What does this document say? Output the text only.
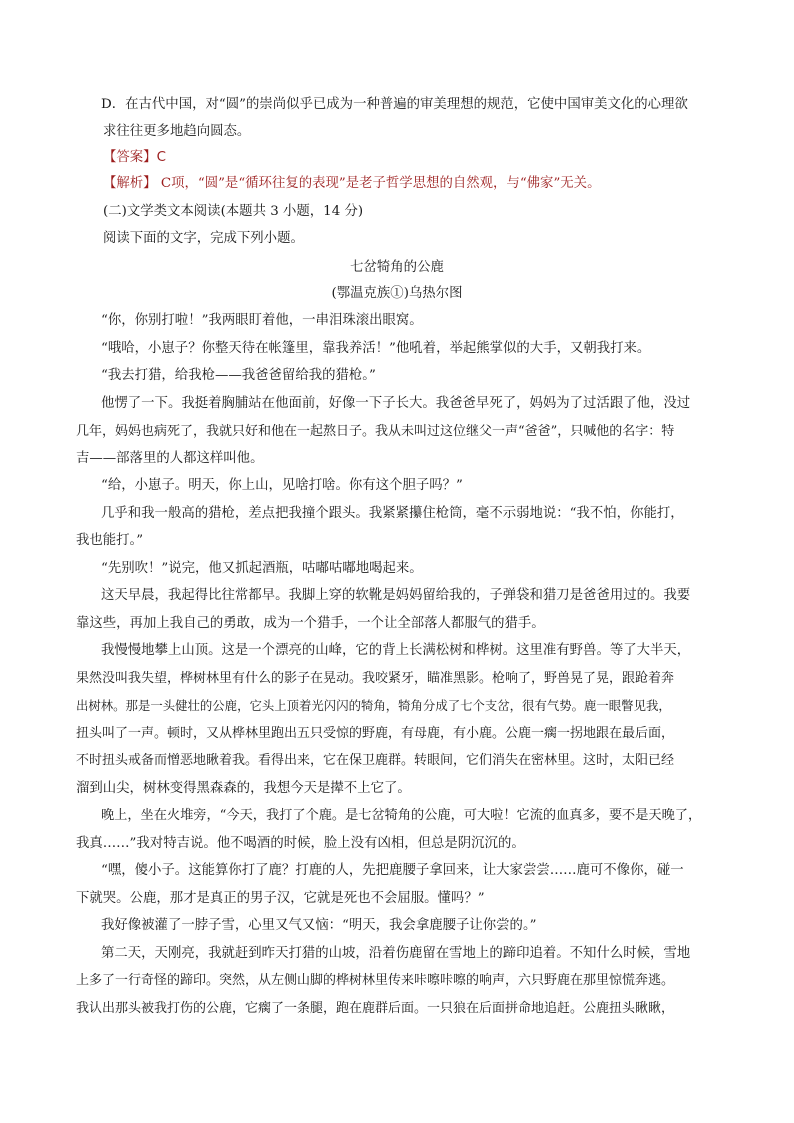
D．在古代中国，对“圆”的崇尚似乎已成为一种普遍的审美理想的规范，它使中国审美文化的心理欲
求往往更多地趋向圆态。
【答案】C
【解析】 C项，“圆”是“循环往复的表现”是老子哲学思想的自然观，与“佛家”无关。
(二)文学类文本阅读(本题共 3 小题，14 分)
阅读下面的文字，完成下列小题。
七岔犄角的公鹿
(鄂温克族①)乌热尔图
“你，你别打啦！”我两眼盯着他，一串泪珠滚出眼窝。
“哦哈，小崽子？你整天待在帐篷里，靠我养活！”他吼着，举起熊掌似的大手，又朝我打来。
“我去打猎，给我枪——我爸爸留给我的猎枪。”
他愣了一下。我挺着胸脯站在他面前，好像一下子长大。我爸爸早死了，妈妈为了过活跟了他，没过
几年，妈妈也病死了，我就只好和他在一起熬日子。我从未叫过这位继父一声“爸爸”，只喊他的名字：特
吉——部落里的人都这样叫他。
“给，小崽子。明天，你上山，见啥打啥。你有这个胆子吗？”
几乎和我一般高的猎枪，差点把我撞个跟头。我紧紧攥住枪筒，毫不示弱地说：“我不怕，你能打，
我也能打。”
“先别吹！”说完，他又抓起酒瓶，咕嘟咕嘟地喝起来。
这天早晨，我起得比往常都早。我脚上穿的软靴是妈妈留给我的，子弹袋和猎刀是爸爸用过的。我要
靠这些，再加上我自己的勇敢，成为一个猎手，一个让全部落人都服气的猎手。
我慢慢地攀上山顶。这是一个漂亮的山峰，它的背上长满松树和桦树。这里准有野兽。等了大半天，
果然没叫我失望，桦树林里有什么的影子在晃动。我咬紧牙，瞄准黑影。枪响了，野兽晃了晃，跟跄着奔
出树林。那是一头健壮的公鹿，它头上顶着光闪闪的犄角，犄角分成了七个支岔，很有气势。鹿一眼瞥见我，
扭头叫了一声。顿时，又从桦林里跑出五只受惊的野鹿，有母鹿，有小鹿。公鹿一瘸一拐地跟在最后面，
不时扭头戒备而憎恶地瞅着我。看得出来，它在保卫鹿群。转眼间，它们消失在密林里。这时，太阳已经
溜到山尖，树林变得黑森森的，我想今天是撵不上它了。
晚上，坐在火堆旁，“今天，我打了个鹿。是七岔犄角的公鹿，可大啦！它流的血真多，要不是天晚了，
我真……”我对特吉说。他不喝酒的时候，脸上没有凶相，但总是阴沉沉的。
“嘿，傻小子。这能算你打了鹿？打鹿的人，先把鹿腰子拿回来，让大家尝尝……鹿可不像你，碰一
下就哭。公鹿，那才是真正的男子汉，它就是死也不会屈服。懂吗？”
我好像被灌了一脖子雪，心里又气又恼：“明天，我会拿鹿腰子让你尝的。”
第二天，天刚亮，我就赶到昨天打猎的山坡，沿着伤鹿留在雪地上的蹄印追着。不知什么时候，雪地
上多了一行奇怪的蹄印。突然，从左侧山脚的桦树林里传来咔嚓咔嚓的响声，六只野鹿在那里惊慌奔逃。
我认出那头被我打伤的公鹿，它瘸了一条腿，跑在鹿群后面。一只狼在后面拼命地追赶。公鹿扭头瞅瞅，
